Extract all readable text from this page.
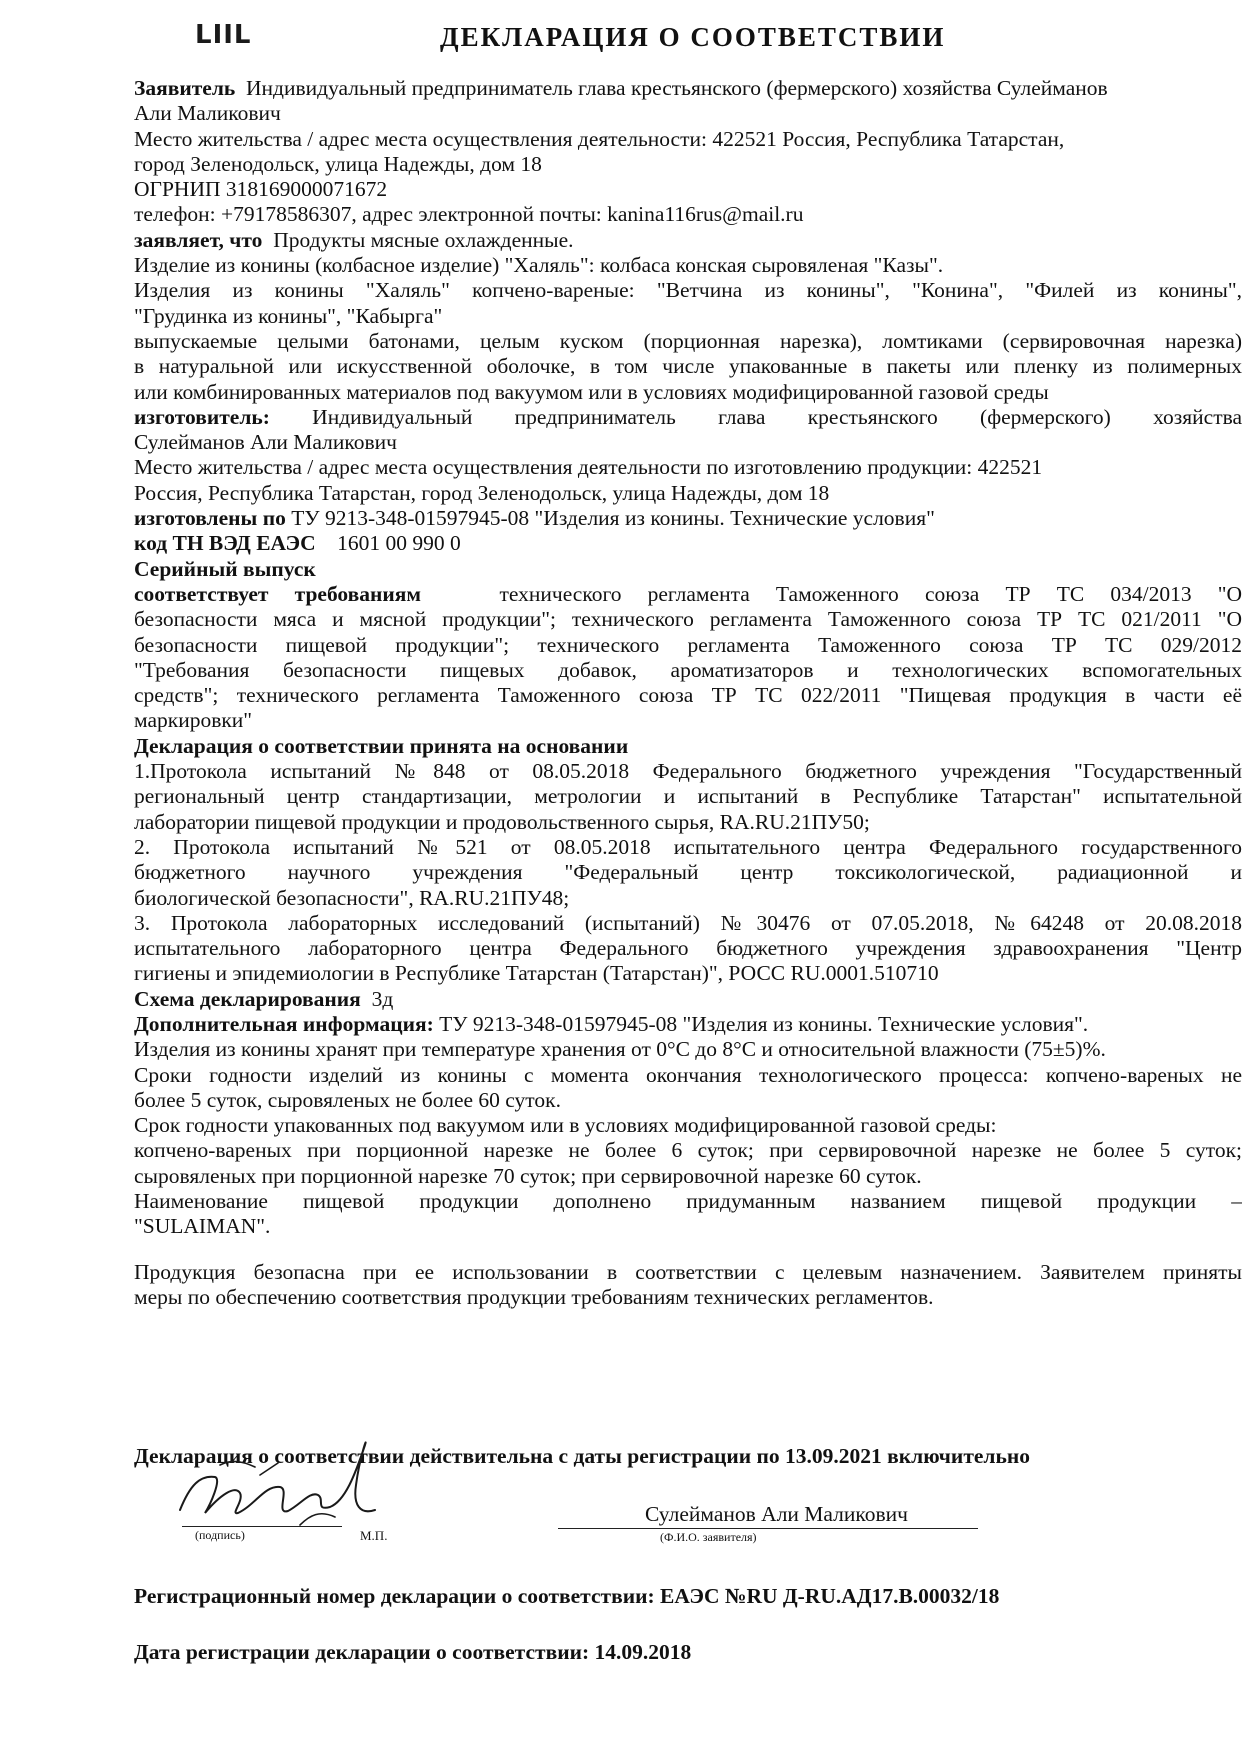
LIIL	ДЕКЛАРАЦИЯ О СООТВЕТСТВИИ
Заявитель Индивидуальный предприниматель глава крестьянского (фермерского) хозяйства Сулейманов
Али Маликович
Место жительства / адрес места осуществления деятельности: 422521 Россия, Республика Татарстан,
город Зеленодольск, улица Надежды, дом 18
ОГРНИП 318169000071672
телефон: +79178586307, адрес электронной почты: kanina116rus@mail.ru
заявляет, что Продукты мясные охлажденные.
Изделие из конины (колбасное изделие) "Халяль": колбаса конская сыровяленая "Казы".
Изделия из конины "Халяль" копчено-вареные: "Ветчина из конины", "Конина", "Филей из конины",
"Грудинка из конины", "Кабырга"
выпускаемые целыми батонами, целым куском (порционная нарезка), ломтиками (сервировочная нарезка)
в натуральной или искусственной оболочке, в том числе упакованные в пакеты или пленку из полимерных
или комбинированных материалов под вакуумом или в условиях модифицированной газовой среды
изготовитель: Индивидуальный предприниматель глава крестьянского (фермерского) хозяйства
Сулейманов Али Маликович
Место жительства / адрес места осуществления деятельности по изготовлению продукции: 422521
Россия, Республика Татарстан, город Зеленодольск, улица Надежды, дом 18
изготовлены по ТУ 9213-348-01597945-08 "Изделия из конины. Технические условия"
код ТН ВЭД ЕАЭС 1601 00 990 0
Серийный выпуск
соответствует требованиям	технического регламента Таможенного союза ТР ТС 034/2013 "О
безопасности мяса и мясной продукции"; технического регламента Таможенного союза ТР ТС 021/2011 "О
безопасности пищевой продукции"; технического регламента Таможенного союза ТР ТС 029/2012
"Требования безопасности пищевых добавок, ароматизаторов и технологических вспомогательных
средств"; технического регламента Таможенного союза ТР ТС 022/2011 "Пищевая продукция в части её
маркировки"
Декларация о соответствии принята на основании
1.Протокола испытаний №848 от 08.05.2018 Федерального бюджетного учреждения "Государственный
региональный центр стандартизации, метрологии и испытаний в Республике Татарстан" испытательной
лаборатории пищевой продукции и продовольственного сырья, RA.RU.21ПУ50;
2. Протокола испытаний №521 от 08.05.2018 испытательного центра Федерального государственного
бюджетного научного учреждения "Федеральный центр токсикологической, радиационной и
биологической безопасности", RA.RU.21ПУ48;
3. Протокола лабораторных исследований (испытаний) №30476 от 07.05.2018, №64248 от 20.08.2018
испытательного лабораторного центра Федерального бюджетного учреждения здравоохранения "Центр
гигиены и эпидемиологии в Республике Татарстан (Татарстан)", РОСС RU.0001.510710
Схема декларирования 3д
Дополнительная информация: ТУ 9213-348-01597945-08 "Изделия из конины. Технические условия".
Изделия из конины хранят при температуре хранения от 0°C до 8°C и относительной влажности (75±5)%.
Сроки годности изделий из конины с момента окончания технологического процесса: копчено-вареных не
более 5 суток, сыровяленых не более 60 суток.
Срок годности упакованных под вакуумом или в условиях модифицированной газовой среды:
копчено-вареных при порционной нарезке не более 6 суток; при сервировочной нарезке не более 5 суток;
сыровяленых при порционной нарезке 70 суток; при сервировочной нарезке 60 суток.
Наименование пищевой продукции дополнено придуманным названием пищевой продукции –
"SULAIMAN".
Продукция безопасна при ее использовании в соответствии с целевым назначением. Заявителем приняты
меры по обеспечению соответствия продукции требованиям технических регламентов.
Декларация о соответствии действительна с даты регистрации по 13.09.2021 включительно
(подпись)	М.П.
Сулейманов Али Маликович
(Ф.И.О. заявителя)
Регистрационный номер декларации о соответствии: ЕАЭС №RU Д-RU.АД17.В.00032/18
Дата регистрации декларации о соответствии: 14.09.2018
